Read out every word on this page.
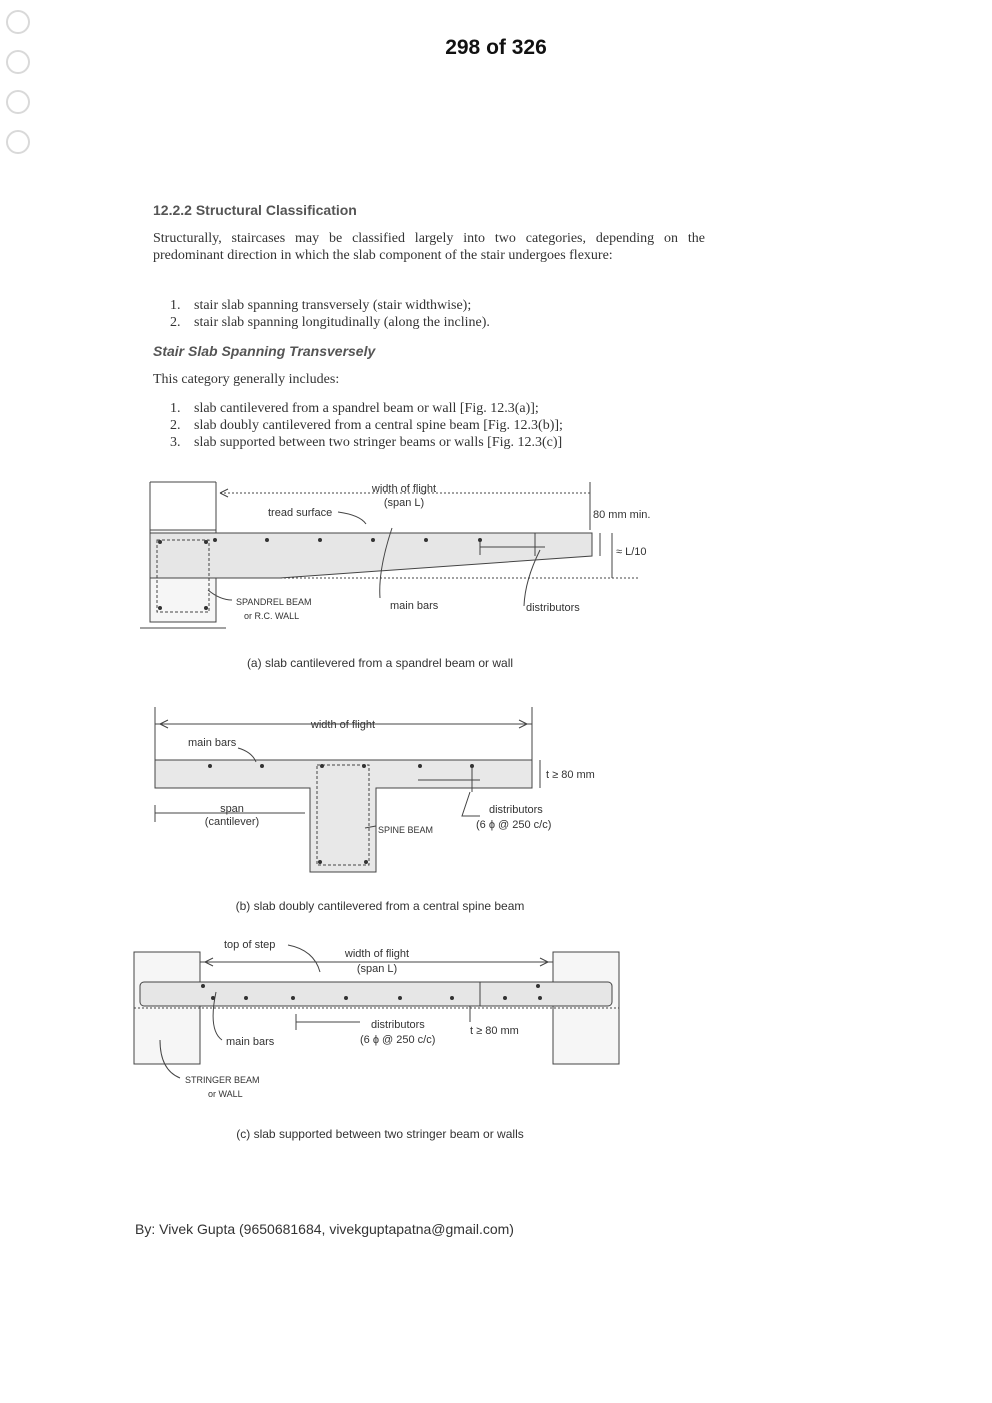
298 of 326
12.2.2 Structural Classification
Structurally, staircases may be classified largely into two categories, depending on the predominant direction in which the slab component of the stair undergoes flexure:
1. stair slab spanning transversely (stair widthwise);
2. stair slab spanning longitudinally (along the incline).
Stair Slab Spanning Transversely
This category generally includes:
1. slab cantilevered from a spandrel beam or wall [Fig. 12.3(a)];
2. slab doubly cantilevered from a central spine beam [Fig. 12.3(b)];
3. slab supported between two stringer beams or walls [Fig. 12.3(c)]
width of flight
(span L)
tread surface	80 mm min.
≈ L/10
SPANDREL BEAM
or R.C. WALL
main bars	distributors
(a) slab cantilevered from a spandrel beam or wall
width of flight
main bars
t ≥ 80 mm
span
(cantilever)
SPINE BEAM
distributors
(6 ϕ @ 250 c/c)
(b) slab doubly cantilevered from a central spine beam
top of step
width of flight
(span L)
distributors
(6 ϕ @ 250 c/c)
t ≥ 80 mm
main bars
STRINGER BEAM
or WALL
(c) slab supported between two stringer beam or walls
By: Vivek Gupta (9650681684, vivekguptapatna@gmail.com)
